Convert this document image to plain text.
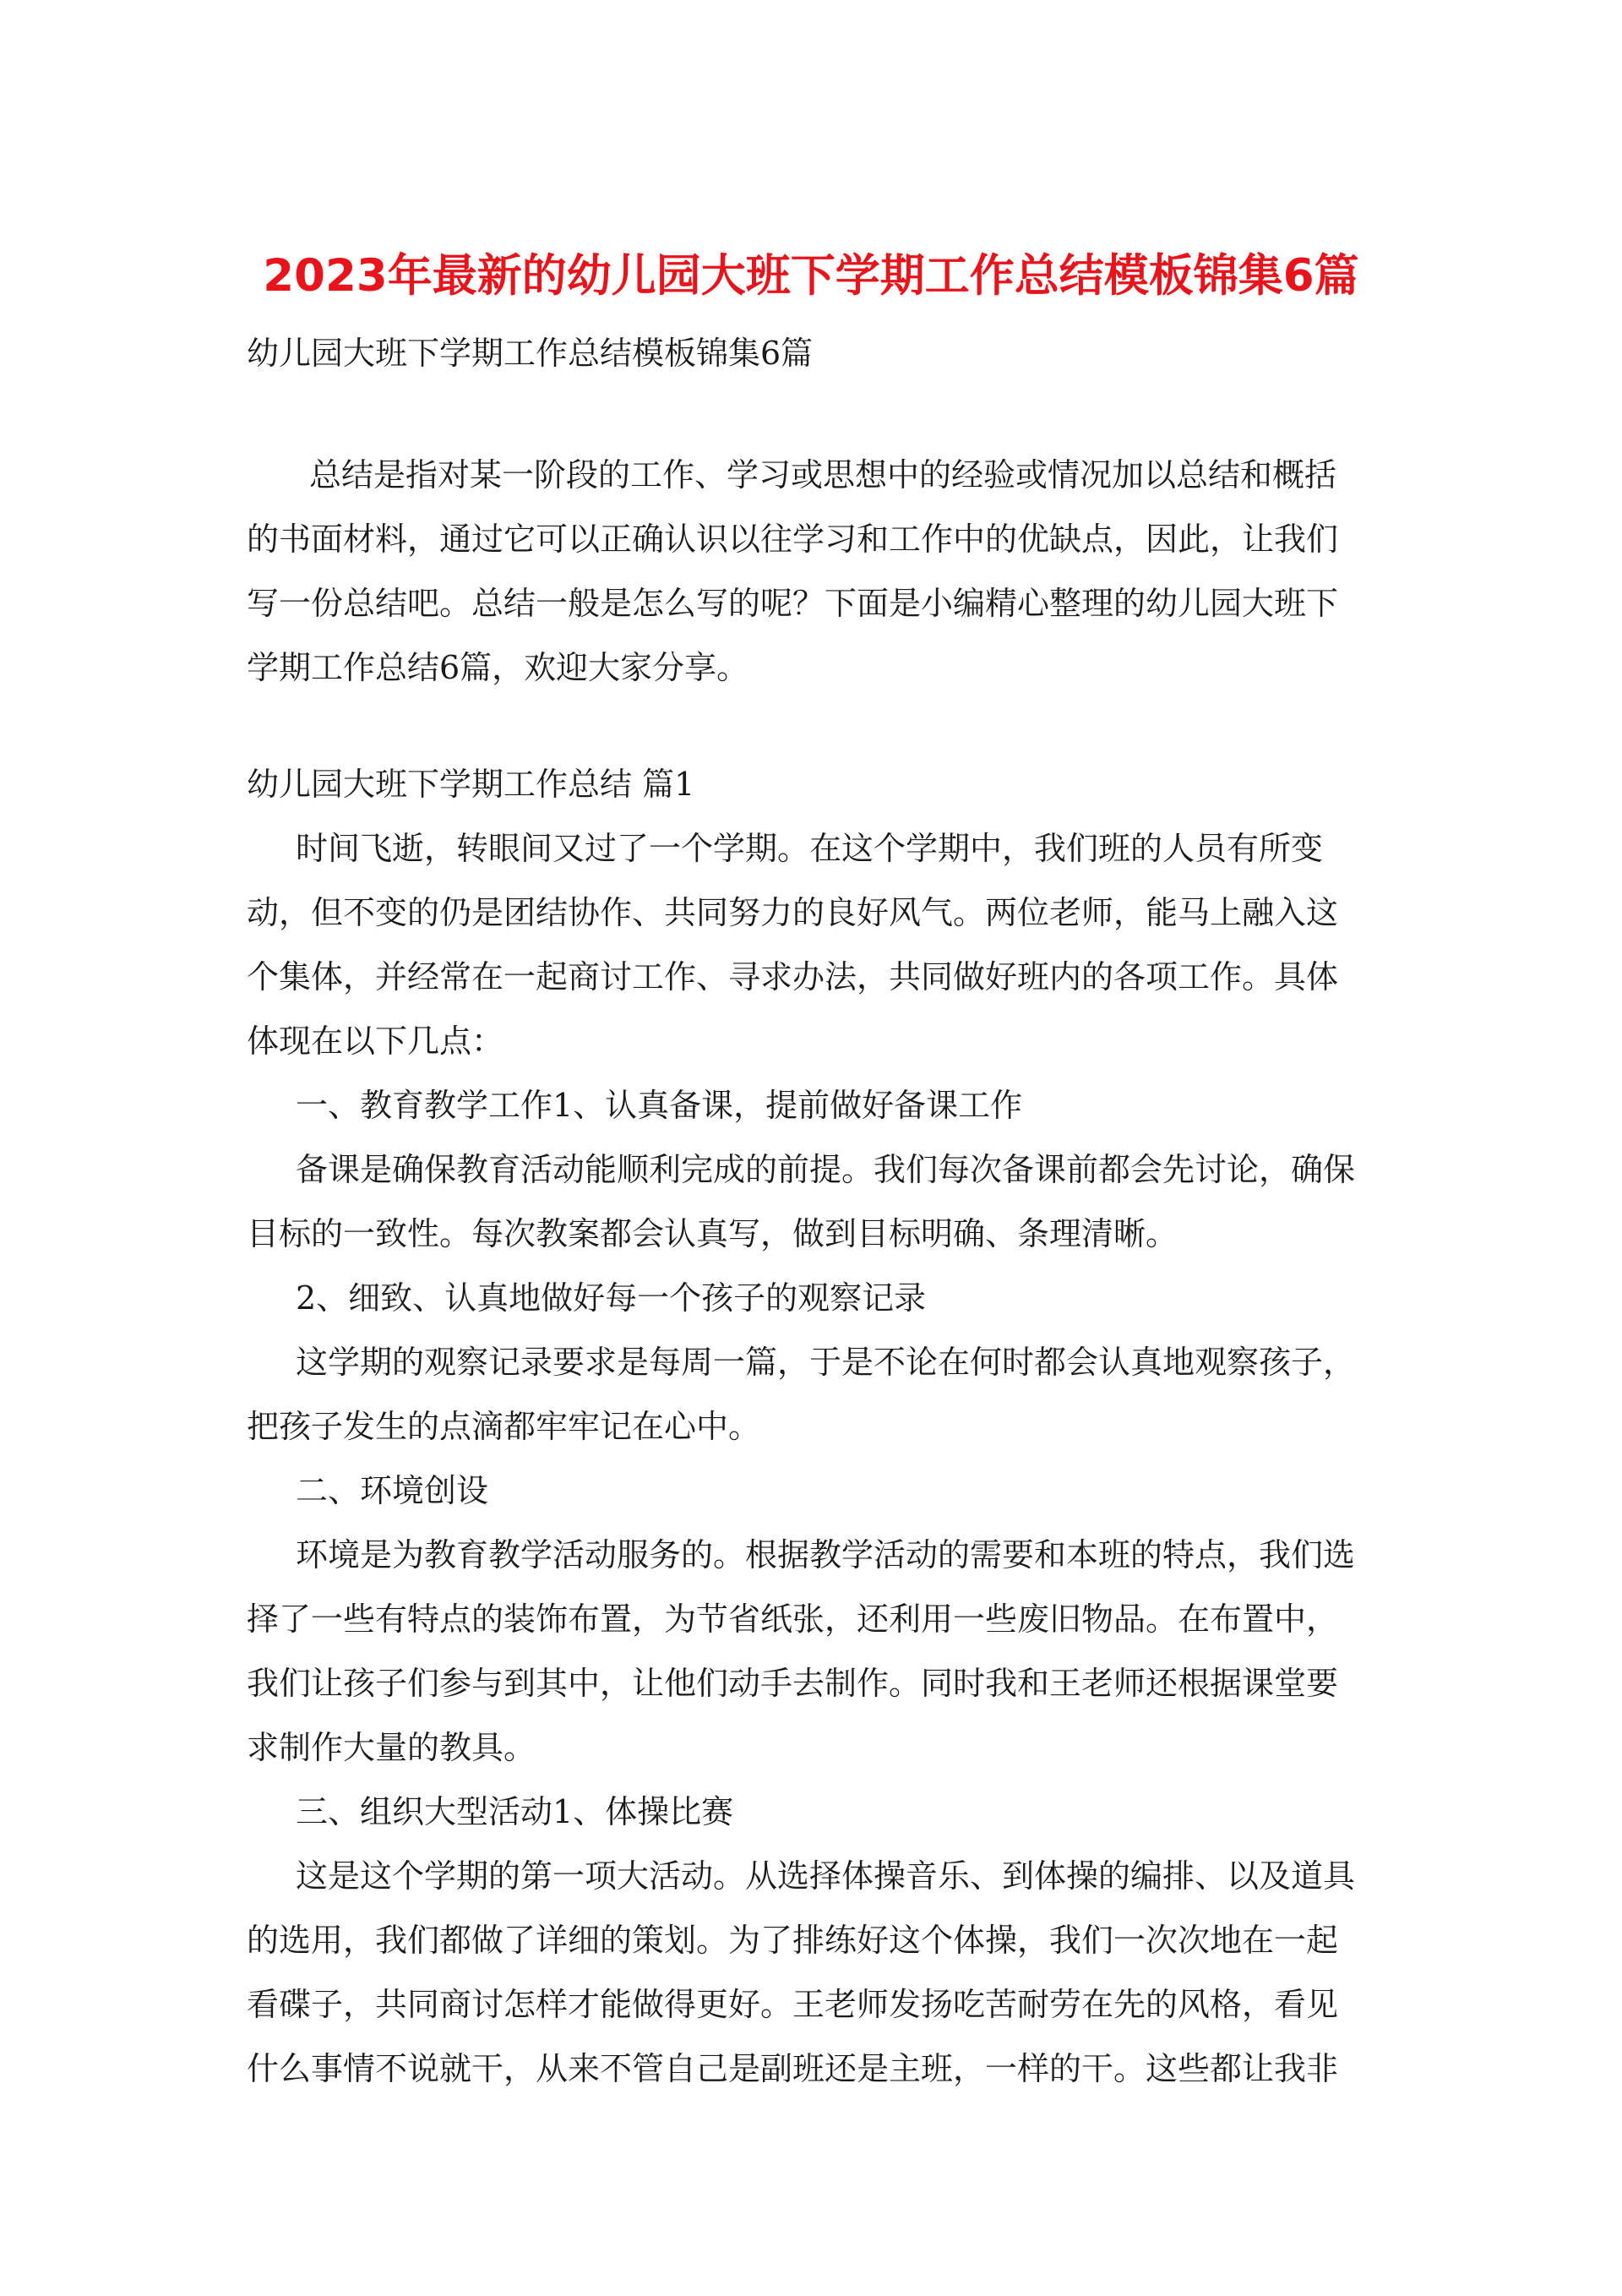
2023年最新的幼儿园大班下学期工作总结模板锦集6篇
幼儿园大班下学期工作总结模板锦集6篇
总结是指对某一阶段的工作、学习或思想中的经验或情况加以总结和概括
的书面材料，通过它可以正确认识以往学习和工作中的优缺点，因此，让我们
写一份总结吧。总结一般是怎么写的呢？下面是小编精心整理的幼儿园大班下
学期工作总结6篇，欢迎大家分享。
幼儿园大班下学期工作总结 篇1
时间飞逝，转眼间又过了一个学期。在这个学期中，我们班的人员有所变
动，但不变的仍是团结协作、共同努力的良好风气。两位老师，能马上融入这
个集体，并经常在一起商讨工作、寻求办法，共同做好班内的各项工作。具体
体现在以下几点：
一、教育教学工作1、认真备课，提前做好备课工作
备课是确保教育活动能顺利完成的前提。我们每次备课前都会先讨论，确保
目标的一致性。每次教案都会认真写，做到目标明确、条理清晰。
2、细致、认真地做好每一个孩子的观察记录
这学期的观察记录要求是每周一篇，于是不论在何时都会认真地观察孩子，
把孩子发生的点滴都牢牢记在心中。
二、环境创设
环境是为教育教学活动服务的。根据教学活动的需要和本班的特点，我们选
择了一些有特点的装饰布置，为节省纸张，还利用一些废旧物品。在布置中，
我们让孩子们参与到其中，让他们动手去制作。同时我和王老师还根据课堂要
求制作大量的教具。
三、组织大型活动1、体操比赛
这是这个学期的第一项大活动。从选择体操音乐、到体操的编排、以及道具
的选用，我们都做了详细的策划。为了排练好这个体操，我们一次次地在一起
看碟子，共同商讨怎样才能做得更好。王老师发扬吃苦耐劳在先的风格，看见
什么事情不说就干，从来不管自己是副班还是主班，一样的干。这些都让我非
